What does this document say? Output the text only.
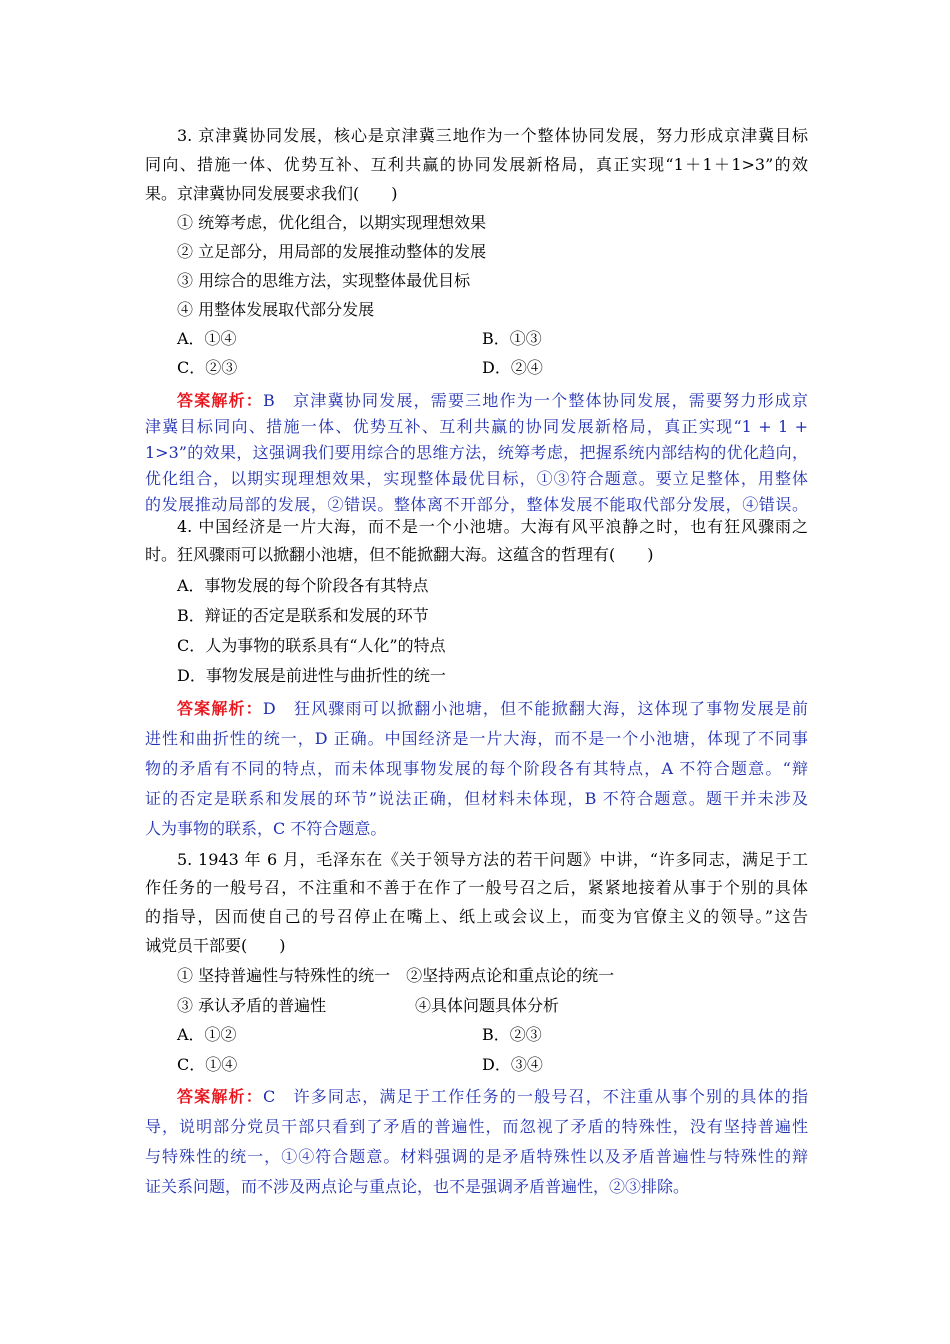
3. 京津冀协同发展，核心是京津冀三地作为一个整体协同发展，努力形成京津冀目标
同向、措施一体、优势互补、互利共赢的协同发展新格局，真正实现“1＋1＋1>3”的效
果。京津冀协同发展要求我们(　　)
① 统筹考虑，优化组合，以期实现理想效果
② 立足部分，用局部的发展推动整体的发展
③ 用综合的思维方法，实现整体最优目标
④ 用整体发展取代部分发展
A．①④	B．①③
C．②③	D．②④
答案解析：B　京津冀协同发展，需要三地作为一个整体协同发展，需要努力形成京
津冀目标同向、措施一体、优势互补、互利共赢的协同发展新格局，真正实现“1 + 1 +
1>3”的效果，这强调我们要用综合的思维方法，统筹考虑，把握系统内部结构的优化趋向，
优化组合，以期实现理想效果，实现整体最优目标，①③符合题意。要立足整体，用整体
的发展推动局部的发展，②错误。整体离不开部分，整体发展不能取代部分发展，④错误。
4. 中国经济是一片大海，而不是一个小池塘。大海有风平浪静之时，也有狂风骤雨之
时。狂风骤雨可以掀翻小池塘，但不能掀翻大海。这蕴含的哲理有(　　)
A．事物发展的每个阶段各有其特点
B．辩证的否定是联系和发展的环节
C．人为事物的联系具有“人化”的特点
D．事物发展是前进性与曲折性的统一
答案解析：D　狂风骤雨可以掀翻小池塘，但不能掀翻大海，这体现了事物发展是前
进性和曲折性的统一，D 正确。中国经济是一片大海，而不是一个小池塘，体现了不同事
物的矛盾有不同的特点，而未体现事物发展的每个阶段各有其特点，A 不符合题意。“辩
证的否定是联系和发展的环节”说法正确，但材料未体现，B 不符合题意。题干并未涉及
人为事物的联系，C 不符合题意。
5. 1943 年 6 月，毛泽东在《关于领导方法的若干问题》中讲，“许多同志，满足于工
作任务的一般号召，不注重和不善于在作了一般号召之后，紧紧地接着从事于个别的具体
的指导，因而使自己的号召停止在嘴上、纸上或会议上，而变为官僚主义的领导。”这告
诫党员干部要(　　)
① 坚持普遍性与特殊性的统一　②坚持两点论和重点论的统一
③ 承认矛盾的普遍性	④具体问题具体分析
A．①②	B．②③
C．①④	D．③④
答案解析：C　许多同志，满足于工作任务的一般号召，不注重从事个别的具体的指
导，说明部分党员干部只看到了矛盾的普遍性，而忽视了矛盾的特殊性，没有坚持普遍性
与特殊性的统一，①④符合题意。材料强调的是矛盾特殊性以及矛盾普遍性与特殊性的辩
证关系问题，而不涉及两点论与重点论，也不是强调矛盾普遍性，②③排除。
